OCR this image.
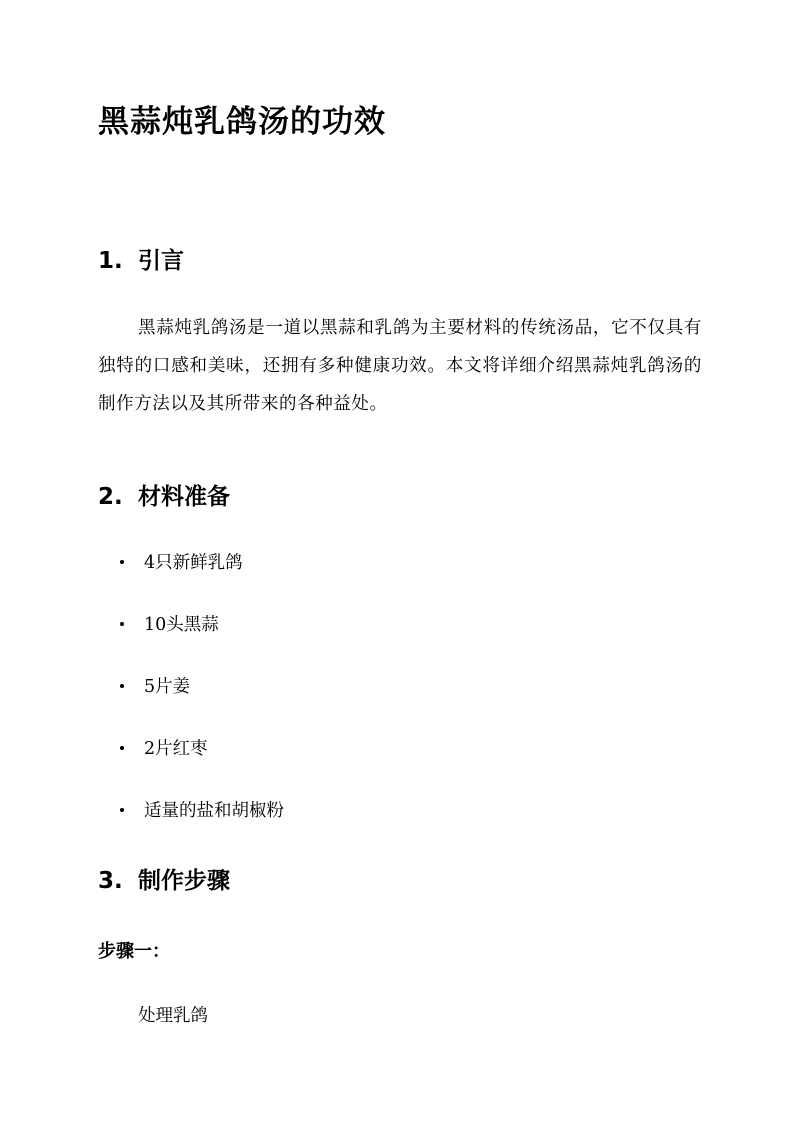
黑蒜炖乳鸽汤的功效
1. 引言
黑蒜炖乳鸽汤是一道以黑蒜和乳鸽为主要材料的传统汤品，它不仅具有独特的口感和美味，还拥有多种健康功效。本文将详细介绍黑蒜炖乳鸽汤的制作方法以及其所带来的各种益处。
2. 材料准备
4只新鲜乳鸽
10头黑蒜
5片姜
2片红枣
适量的盐和胡椒粉
3. 制作步骤
步骤一：
处理乳鸽
